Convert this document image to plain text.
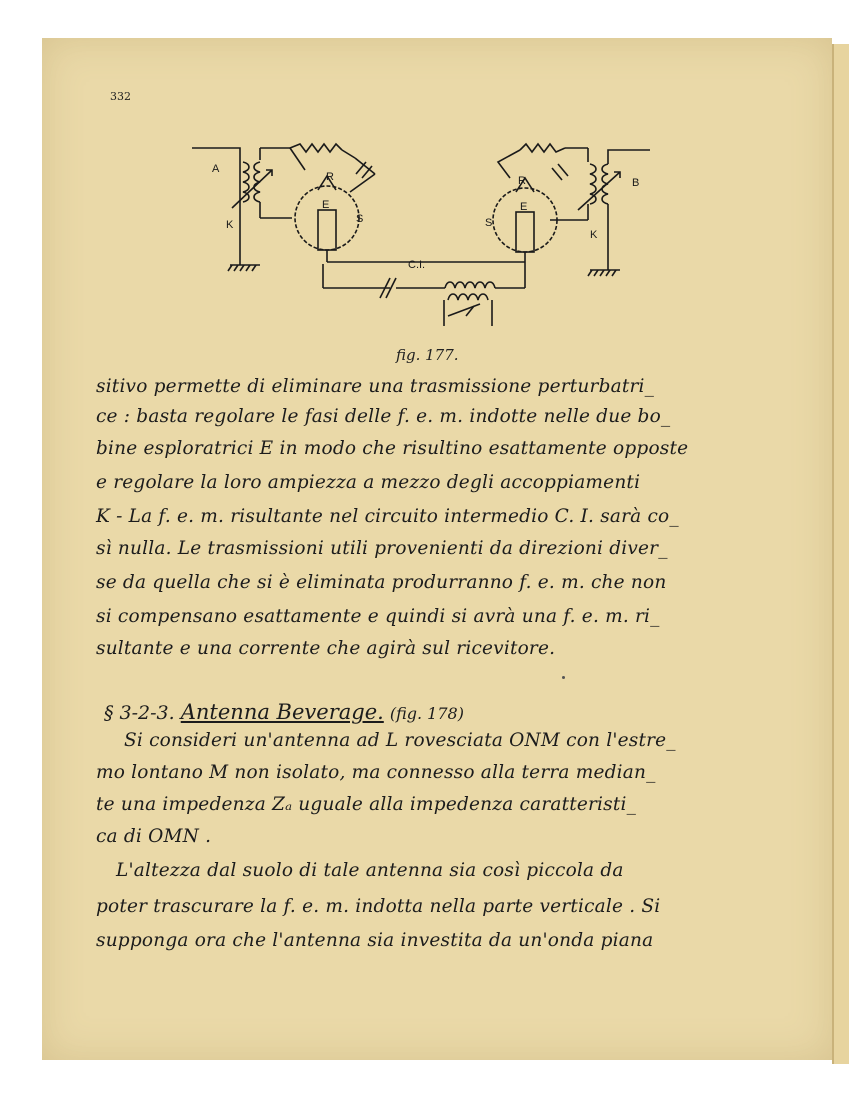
332
A
K
R
E
S
C.I.
R
E
S
K
B
fig. 177.
sitivo permette di eliminare una trasmissione perturbatri_
ce : basta regolare le fasi delle f. e. m. indotte nelle due bo_
bine esploratrici E in modo che risultino esattamente opposte
e regolare la loro ampiezza a mezzo degli accoppiamenti
K - La f. e. m. risultante nel circuito intermedio C. I. sarà co_
sì nulla. Le trasmissioni utili provenienti da direzioni diver_
se da quella che si è eliminata produrranno f. e. m. che non
si compensano esattamente e quindi si avrà una f. e. m. ri_
sultante e una corrente che agirà sul ricevitore.
§ 3-2-3. Antenna Beverage. (fig. 178)
Si consideri un'antenna ad L rovesciata ONM con l'estre_
mo lontano M non isolato, ma connesso alla terra median_
te una impedenza Zₐ uguale alla impedenza caratteristi_
ca di OMN .
L'altezza dal suolo di tale antenna sia così piccola da
poter trascurare la f. e. m. indotta nella parte verticale . Si
supponga ora che l'antenna sia investita da un'onda piana
